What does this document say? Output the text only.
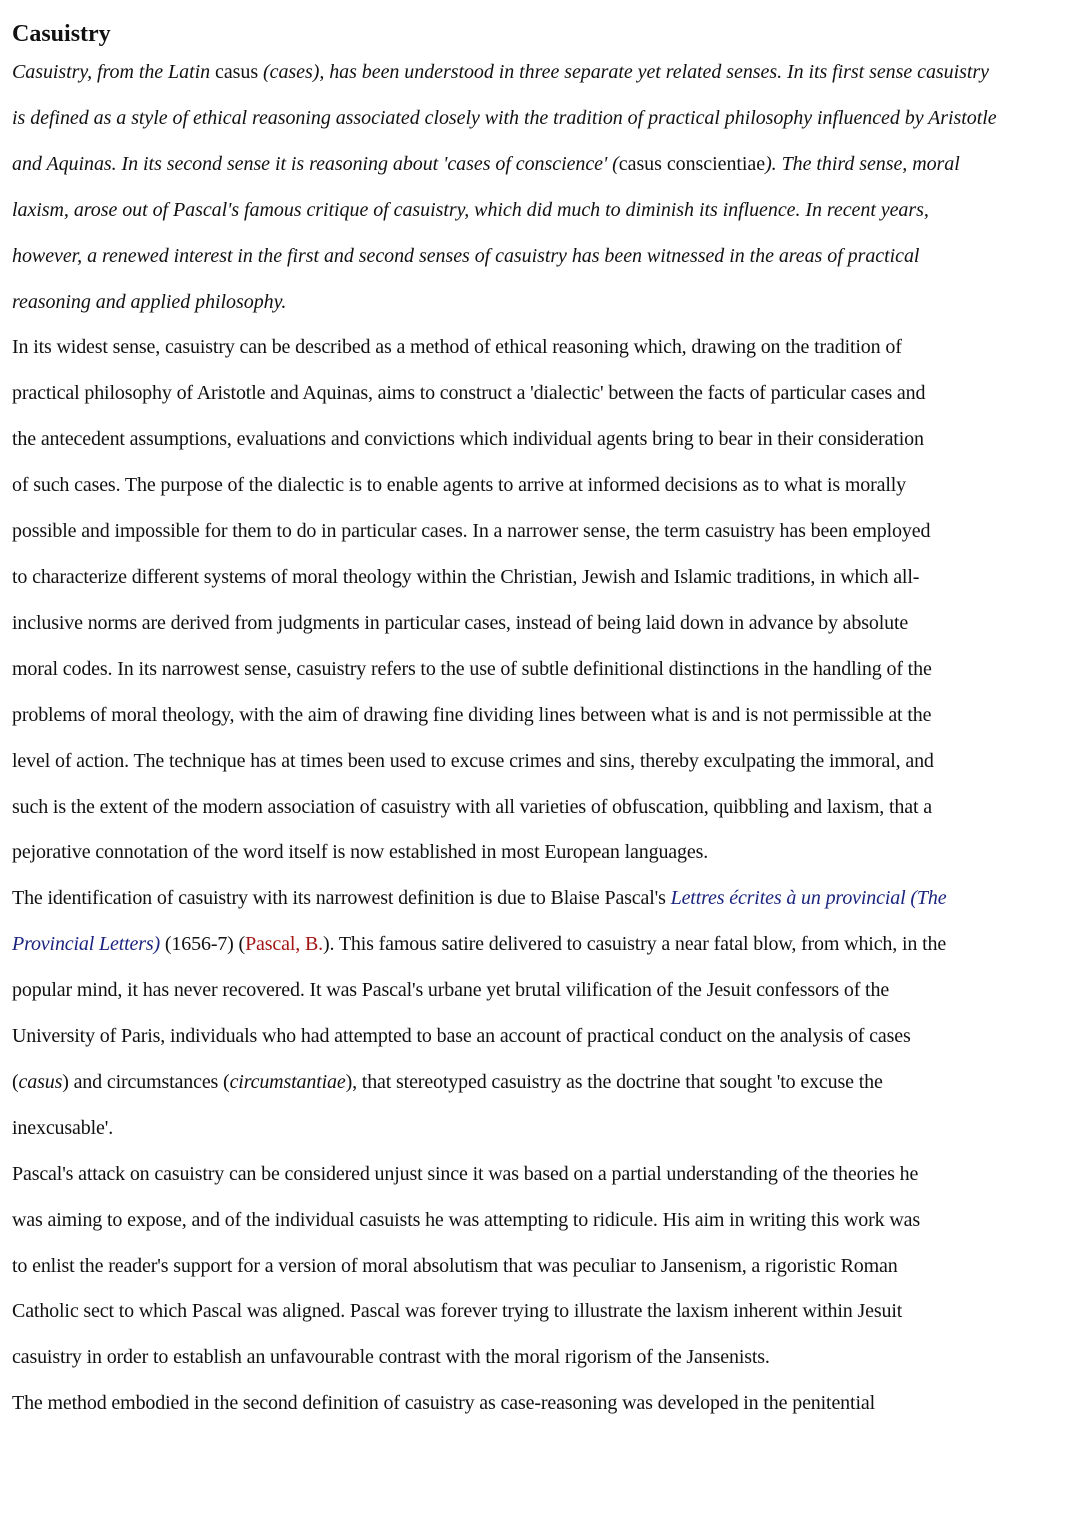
Casuistry

Casuistry, from the Latin casus (cases), has been understood in three separate yet related senses. In its first sense casuistry is defined as a style of ethical reasoning associated closely with the tradition of practical philosophy influenced by Aristotle and Aquinas. In its second sense it is reasoning about 'cases of conscience' (casus conscientiae). The third sense, moral laxism, arose out of Pascal's famous critique of casuistry, which did much to diminish its influence. In recent years, however, a renewed interest in the first and second senses of casuistry has been witnessed in the areas of practical reasoning and applied philosophy.

In its widest sense, casuistry can be described as a method of ethical reasoning which, drawing on the tradition of practical philosophy of Aristotle and Aquinas, aims to construct a 'dialectic' between the facts of particular cases and the antecedent assumptions, evaluations and convictions which individual agents bring to bear in their consideration of such cases. The purpose of the dialectic is to enable agents to arrive at informed decisions as to what is morally possible and impossible for them to do in particular cases. In a narrower sense, the term casuistry has been employed to characterize different systems of moral theology within the Christian, Jewish and Islamic traditions, in which all-inclusive norms are derived from judgments in particular cases, instead of being laid down in advance by absolute moral codes. In its narrowest sense, casuistry refers to the use of subtle definitional distinctions in the handling of the problems of moral theology, with the aim of drawing fine dividing lines between what is and is not permissible at the level of action. The technique has at times been used to excuse crimes and sins, thereby exculpating the immoral, and such is the extent of the modern association of casuistry with all varieties of obfuscation, quibbling and laxism, that a pejorative connotation of the word itself is now established in most European languages.

The identification of casuistry with its narrowest definition is due to Blaise Pascal's Lettres écrites à un provincial (The Provincial Letters) (1656-7) (Pascal, B.). This famous satire delivered to casuistry a near fatal blow, from which, in the popular mind, it has never recovered. It was Pascal's urbane yet brutal vilification of the Jesuit confessors of the University of Paris, individuals who had attempted to base an account of practical conduct on the analysis of cases (casus) and circumstances (circumstantiae), that stereotyped casuistry as the doctrine that sought 'to excuse the inexcusable'.

Pascal's attack on casuistry can be considered unjust since it was based on a partial understanding of the theories he was aiming to expose, and of the individual casuists he was attempting to ridicule. His aim in writing this work was to enlist the reader's support for a version of moral absolutism that was peculiar to Jansenism, a rigoristic Roman Catholic sect to which Pascal was aligned. Pascal was forever trying to illustrate the laxism inherent within Jesuit casuistry in order to establish an unfavourable contrast with the moral rigorism of the Jansenists.

The method embodied in the second definition of casuistry as case-reasoning was developed in the penitential
